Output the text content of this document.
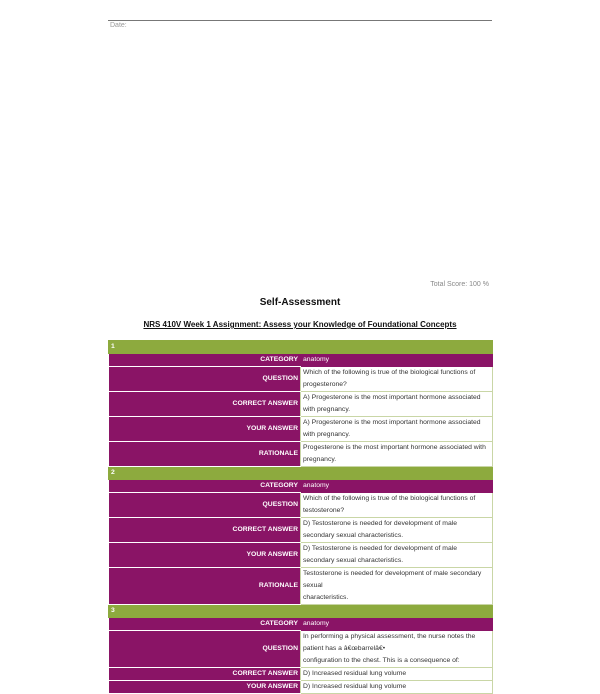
Date:
Total Score: 100 %
Self-Assessment
NRS 410V Week 1 Assignment: Assess your Knowledge of Foundational Concepts
1	
CATEGORY	anatomy
QUESTION	Which of the following is true of the biological functions of progesterone?
CORRECT ANSWER	A) Progesterone is the most important hormone associated with pregnancy.
YOUR ANSWER	A) Progesterone is the most important hormone associated with pregnancy.
RATIONALE	Progesterone is the most important hormone associated with pregnancy.
2	
CATEGORY	anatomy
QUESTION	Which of the following is true of the biological functions of testosterone?
CORRECT ANSWER	D) Testosterone is needed for development of male secondary sexual characteristics.
YOUR ANSWER	D) Testosterone is needed for development of male secondary sexual characteristics.
RATIONALE	Testosterone is needed for development of male secondary sexual
characteristics.

3	
CATEGORY	anatomy
QUESTION	In performing a physical assessment, the nurse notes the patient has a â€œbarrelâ€•
configuration to the chest. This is a consequence of:

CORRECT ANSWER	D) Increased residual lung volume
YOUR ANSWER	D) Increased residual lung volume
